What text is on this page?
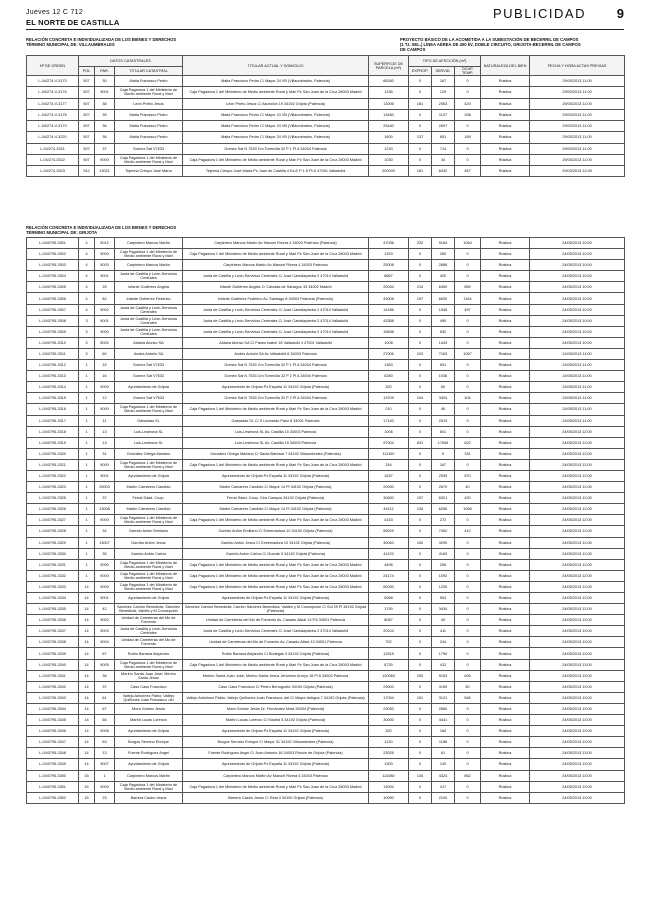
Jueves 12 C 712
EL NORTE DE CASTILLA
PUBLICIDAD	9
RELACIÓN CONCRETA E INDIVIDUALIZADA DE LOS BIENES Y DERECHOS
TÉRMINO MUNICIPAL DE: VILLAUMBRALES
PROYECTO BÁSICO DE LA ACOMETIDA A LA SUBESTACIÓN DE BECERRIL DE CAMPOS
(1 T.I. SEL.) LÍNEA AÉREA DE 400 kV, DOBLE CIRCUITO, GRIJOTA-BECERRIL DE CAMPOS
DE CAMPOS
Nº DE ORDEN	DATOS CATASTRALES			TITULAR ACTUAL Y DOMICILIO	SUPERFICIE DE PARCELA (m²)	TIPO DE AFECCIÓN (m²)			NATURALEZA DEL BIEN	FECHA Y HORA ACTAS PREVIAS
	POL	PAR.	TITULAR CATASTRAL			EXPROP.	SERVID.	OCUP. TEMP.		
L-04/274-V-3173	507	30	Matia Francisco Pedro	Matia Francisco Pedro C/ Mayor 24 VB (Villaumbrales, Palencia)	68340	0	167	0	Rústica	29/03/2013 11:00
L-04/274-V-3176	507	9001	Caja Pagadora 1 del Ministerio de Medio ambiente Rural y Mari	Caja Pagadora 1 del Ministerio de Medio ambiente Rural y Mari Pz San Juan de la Cruz 28003 Madrid	1138	0	129	0	Rústica	29/03/2013 11:00
L-04/274-V-3177	507	38	León Prieto Jesús	León Prieto Jesús C/ Asunción 19 34192 Grijota (Palencia)	13006	181	2063	420	Rústica	29/03/2013 11:00
L-04/274-V-3178	507	35	Matia Francisco Pedro	Matia Francisco Pedro C/ Mayor 24 VB (Villaumbrales, Palencia)	13460	0	1107	336	Rústica	29/03/2013 11:00
L-04/274-V-3179	507	36	Matia Francisco Pedro	Matia Francisco Pedro C/ Mayor 24 VB (Villaumbrales, Palencia)	25440	0	2697	0	Rústica	29/03/2013 11:00
L-04/274-V-3220	507	36	Matia Francisco Pedro	Matia Francisco Pedro C/ Mayor 24 VB (Villaumbrales, Palencia)	1600	137	651	189	Rústica	29/03/2013 11:00
L-04/274-3321	507	37	Gomez Sat V7533	Gomez Sat N 7533 Cm Torrecilla 32 P 1 Pl A 34004 Palencia	1230	0	714	0	Rústica	29/03/2013 11:00
L-04/274-3322	507	9000	Caja Pagadora 1 del Ministerio de Medio ambiente Rural y Mari	Caja Pagadora 1 del Ministerio de Medio ambiente Rural y Mari Pz San Juan de la Cruz 28003 Madrid	1030	0	34	0	Rústica	29/03/2013 11:00
L-04/274-3323	512	13021	Tejerina Crespo José María	Tejerina Crespo José María Pz Juan de Castilla 4 Es.E P 1.5 Pt.D 47001 Valladolid	200000	181	6432	467	Rústica	29/03/2013 12:00
RELACIÓN CONCRETA E INDIVIDUALIZADA DE LOS BIENES Y DERECHOS
TÉRMINO MUNICIPAL DE: GRIJOTA
L-04/0795-3301	4	5012	Carpintero Marcos Martín	Carpintero Marcos Martín Av Manuel Rivera 4 34003 Palencia (Palencia)	47036	232	5164	1064	Rústica	24/05/2013 10:00
L-04/0795-3302	4	9000	Caja Pagadora 1 del Ministerio de Medio ambiente Rural y Mari	Caja Pagadora 1 del Ministerio de Medio ambiente Rural y Mari Pz San Juan de la Cruz 28003 Madrid	1320	0	260	0	Rústica	24/05/2013 10:00
L-04/0795-3303	4	5003	Carpintero Marcos Martín	Carpintero Marcos Martín Av Manuel Rivera 4 34003 Palencia	25008	0	2686	0	Rústica	24/05/2013 10:00
L-04/0795-3304	4	9001	Junta de Castilla y León-Servicios Centrales	Junta de Castilla y León-Servicios Centrales C/ José Cantalapiedra 2 47014 Valladolid	8667	0	420	0	Rústica	24/05/2013 10:00
L-04/0795-3305	4	25	Infante Gutiérrez Angela	Infante Gutiérrez Angela C/ Calzada de Sahagún 33 34002 Madrid	20034	214	6450	659	Rústica	24/05/2013 10:00
L-04/0795-3306	4	82	Infante Gutiérrez Federico	Infante Gutiérrez Federico Av. Santiago 8 34003 Palencia (Palencia)	43008	197	6630	1164	Rústica	24/05/2013 10:00
L-04/0795-3307	4	9002	Junta de Castilla y León-Servicios Centrales	Junta de Castilla y León-Servicios Centrales C/ José Cantalapiedra 2 47014 Valladolid	14186	0	1545	497	Rústica	24/05/2013 10:00
L-04/0795-3308	3	9001	Junta de Castilla y León-Servicios Centrales	Junta de Castilla y León-Servicios Centrales C/ José Cantalapiedra 2 47014 Valladolid	43358	0	490	0	Rústica	24/05/2013 10:00
L-04/0795-3309	3	9000	Junta de Castilla y León-Servicios Centrales	Junta de Castilla y León-Servicios Centrales C/ José Cantalapiedra 2 47014 Valladolid	15638	0	632	0	Rústica	24/05/2013 10:00
L-04/0795-3310	3	5002	Aldaria Alonso SA	Aldaria Alonso SA C/ Paseo Isabel 18 Valladolid 4 47001 Valladolid	1008	0	1443	0	Rústica	24/05/2013 10:00
L-04/0795-3311	3	60	Andes Antolín SA	Andes Antolín SA Av Valladolid 6 34003 Palencia	27006	103	7163	1067	Rústica	24/05/2013 11:00
L-04/0795-3312	1	15	Gomez Sat V7533	Gomez Sat N 7533 Cm Torrecilla 32 P 1 Pl A 34004 Palencia	1360	0	601	0	Rústica	24/05/2013 11:00
L-04/0795-3313	1	16	Gomez Sat V7533	Gomez Sat N 7533 Cm Torrecilla 32 P 2 Pl A 34004 Palencia	6280	0	1036	0	Rústica	24/05/2013 11:00
L-04/0795-3314	1	9000	Ayuntamiento de Grijota	Ayuntamiento de Grijota Pz España 11 34192 Grijota (Palencia)	320	0	60	0	Rústica	24/05/2013 11:00
L-04/0795-3315	1	12	Gomez Sat V7533	Gomez Sat N 7533 Cm Torrecilla 32 P 2 Pl A 34004 Palencia	13709	104	3404	404	Rústica	24/05/2013 11:00
L-04/0795-3316	1	9000	Caja Pagadora 1 del Ministerio de Medio ambiente Rural y Mari	Caja Pagadora 1 del Ministerio de Medio ambiente Rural y Mari Pz San Juan de la Cruz 28003 Madrid	210	0	46	0	Rústica	24/05/2013 11:00
L-04/0795-3317	1	11	Gabardas SL	Gabardas SL C/ S Leonardo Páez 8 34001 Palencia	17140	0	2519	0	Rústica	24/05/2013 11:00
L-04/0795-3318	1	13	Luis-Lesleona SL	Luis-Lesleona SL Av. Castilla 15 34003 Palencia	1006	0	601	0	Rústica	24/05/2013 12:00
L-04/0795-3319	1	13	Luis-Lesleona SL	Luis-Lesleona SL Av. Castilla 15 34003 Palencia	97004	831	17646	622	Rústica	24/05/2013 12:00
L-04/0795-3320	1	31	González Ortega Mariano	González Ortega Mariano C/ Santa Bárbara 7 34192 Villaumbrales (Palencia)	111100	0	0	331	Rústica	24/05/2013 12:00
L-04/0795-3321	1	9000	Caja Pagadora 1 del Ministerio de Medio ambiente Rural y Mari	Caja Pagadora 1 del Ministerio de Medio ambiente Rural y Mari Pz San Juan de la Cruz 28003 Madrid	316	0	167	0	Rústica	24/05/2013 12:00
L-04/0795-3322	1	9001	Ayuntamiento de Grijota	Ayuntamiento de Grijota Pz España 11 34192 Grijota (Palencia)	1637	0	2539	570	Rústica	24/05/2013 12:00
L-04/0795-3323	1	25003	Martín Camarero Candido	Martín Camarero Candido C/ Mayor 14 Pl 34192 Grijota (Palencia)	20030	0	2670	40	Rústica	24/05/2013 12:00
L-04/0795-3325	1	37	Ferral Sdad. Coop.	Ferral Sdad. Coop. Ctra Campos 34192 Grijota (Palencia)	30630	197	6321	420	Rústica	24/05/2013 12:00
L-04/0795-3326	1	13008	Martín Camarero Candido	Martín Camarero Candido C/ Mayor 14 Pl 34192 Grijota (Palencia)	44112	134	6256	1065	Rústica	24/05/2013 12:00
L-04/0795-3327	1	9000	Caja Pagadora 1 del Ministerio de Medio ambiente Rural y Mari	Caja Pagadora 1 del Ministerio de Medio ambiente Rural y Mari Pz San Juan de la Cruz 28003 Madrid	4153	0	272	0	Rústica	24/05/2013 12:00
L-04/0795-3328	1	34	Garrido Antón Emiliano	Garrido Antón Emiliano C/ Extremadura 10 34192 Grijota (Palencia)	55029	0	7452	412	Rústica	24/05/2013 12:00
L-04/0795-3329	1	13007	Garrido Antón Jesús	Garrido Antón Jesús C/ Extremadura 10 34192 Grijota (Palencia)	30040	100	3290	0	Rústica	24/05/2013 12:00
L-04/0795-3330	1	35	Garrido Antón Carlos	Garrido Antón Carlos C/ Grande 5 34192 Grijota (Palencia)	41129	0	4169	0	Rústica	24/05/2013 12:00
L-04/0795-3331	1	9000	Caja Pagadora 1 del Ministerio de Medio ambiente Rural y Mari	Caja Pagadora 1 del Ministerio de Medio ambiente Rural y Mari Pz San Juan de la Cruz 28003 Madrid	4496	0	206	0	Rústica	24/05/2013 12:00
L-04/0795-3332	1	9000	Caja Pagadora 1 del Ministerio de Medio ambiente Rural y Mari	Caja Pagadora 1 del Ministerio de Medio ambiente Rural y Mari Pz San Juan de la Cruz 28003 Madrid	24174	0	1092	0	Rústica	24/05/2013 12:00
L-04/0795-3333	14	9000	Caja Pagadora 1 del Ministerio de Medio ambiente Rural y Mari	Caja Pagadora 1 del Ministerio de Medio ambiente Rural y Mari Pz San Juan de la Cruz 28003 Madrid	60030	0	1230	0	Rústica	24/05/2013 12:00
L-04/0795-3334	14	9001	Ayuntamiento de Grijota	Ayuntamiento de Grijota Pz España 11 34192 Grijota (Palencia)	5068	0	504	0	Rústica	24/05/2013 12:00
L-04/0795-3335	14	42	Sanchez Carrión Benedicta; Sánchez Benedicta, Valdés y M Concepción	Sánchez Carrión Benedicta; Carrión Sánchez Benedicta, Valdés y M Concepción C/ Sol 29 Pl 34192 Grijota (Palencia)	1790	0	3434	0	Rústica	24/05/2013 12:00
L-04/0795-3336	14	9002	Unidad de Carreteras del Mo de Fomento	Unidad de Carreteras del Mo de Fomento Av. Casado Alisal 13 P.6 34001 Palencia	8087	0	40	0	Rústica	24/05/2013 13:00
L-04/0795-3337	14	9003	Junta de Castilla y León-Servicios Centrales	Junta de Castilla y León-Servicios Centrales C/ José Cantalapiedra 2 47014 Valladolid	20104	0	411	0	Rústica	24/05/2013 13:00
L-04/0795-3338	14	9004	Unidad de Carreteras del Mo de Fomento	Unidad de Carreteras del Mo de Fomento Av. Casado Alisal 13 34001 Palencia	702	0	244	0	Rústica	24/05/2013 13:00
L-04/0795-3339	14	67	Rubio Barrasa Alejandro	Rubio Barrasa Alejandro C/ Bodegas 3 34192 Grijota (Palencia)	12515	0	1790	0	Rústica	24/05/2013 13:00
L-04/0795-3340	14	9005	Caja Pagadora 1 del Ministerio de Medio ambiente Rural y Mari	Caja Pagadora 1 del Ministerio de Medio ambiente Rural y Mari Pz San Juan de la Cruz 28003 Madrid	6730	0	412	0	Rústica	24/05/2013 13:00
L-04/0795-3341	14	36	Merino Santa Juan José; Merino Santa Jesús	Merino Santa Juan José; Merino Santa Jesús Jerónimo Arroyo 16 Pl 6 34003 Palencia	120060	153	9153	605	Rústica	24/05/2013 13:00
L-04/0795-3342	14	37	Caso Caso Francisco	Caso Caso Francisco C/ Pedro Berruguete 34190 Grijota (Palencia)	23000	0	3159	50	Rústica	24/05/2013 13:00
L-04/0795-3343	14	61	Vallejo Antolínez Pablo; Vallejo Quiñones Juan Francisco; del	Vallejo Antolínez Pablo; Vallejo Quiñones Juan Francisco; del C/ Mayor Antigua 7 34192 Grijota (Palencia)	17034	151	3121	548	Rústica	24/05/2013 13:00
L-04/0795-3344	14	67	Mora Gómez Jesús	Mora Gómez Jesús Dr. Fernández Mota 34004 (Palencia)	23030	0	2660	0	Rústica	24/05/2013 13:00
L-04/0795-3345	14	66	Martín Lucas Lorenzo	Martín Lucas Lorenzo C/ Madrid 5 34192 Grijota (Palencia)	30000	0	4441	0	Rústica	24/05/2013 13:00
L-04/0795-3346	14	9006	Ayuntamiento de Grijota	Ayuntamiento de Grijota Pz España 11 34192 Grijota (Palencia)	320	0	184	0	Rústica	24/05/2013 13:00
L-04/0795-3347	14	63	Burgos Serrano Enrique	Burgos Serrano Enrique C/ Mayor 31 34192 Villaumbrales (Palencia)	1130	0	1186	0	Rústica	24/05/2013 13:00
L-04/0795-3348	14	13	Fuente Rodríguez Angel	Fuente Rodríguez Angel C/ Juan Antonio 16 34003 Rincón de Grijota (Palencia)	23026	0	61	0	Rústica	24/05/2013 13:00
L-04/0795-3349	14	9007	Ayuntamiento de Grijota	Ayuntamiento de Grijota Pz España 11 34192 Grijota (Palencia)	1300	0	140	0	Rústica	24/05/2013 13:00
L-04/0795-3350	15	1	Carpintero Marcos Martín	Carpintero Marcos Martín Av Manuel Rivera 4 34003 Palencia	111080	134	4324	862	Rústica	24/05/2013 13:00
L-04/0795-3351	15	9000	Caja Pagadora 1 del Ministerio de Medio ambiente Rural y Mari	Caja Pagadora 1 del Ministerio de Medio ambiente Rural y Mari Pz San Juan de la Cruz 28003 Madrid	13094	0	417	0	Rústica	24/05/2013 13:00
L-04/0795-3352	15	23	Barrera Castro Jesús	Barrera Castro Jesús C/ Real 4 34192 Grijota (Palencia)	10090	0	2100	0	Rústica	24/05/2013 13:00
